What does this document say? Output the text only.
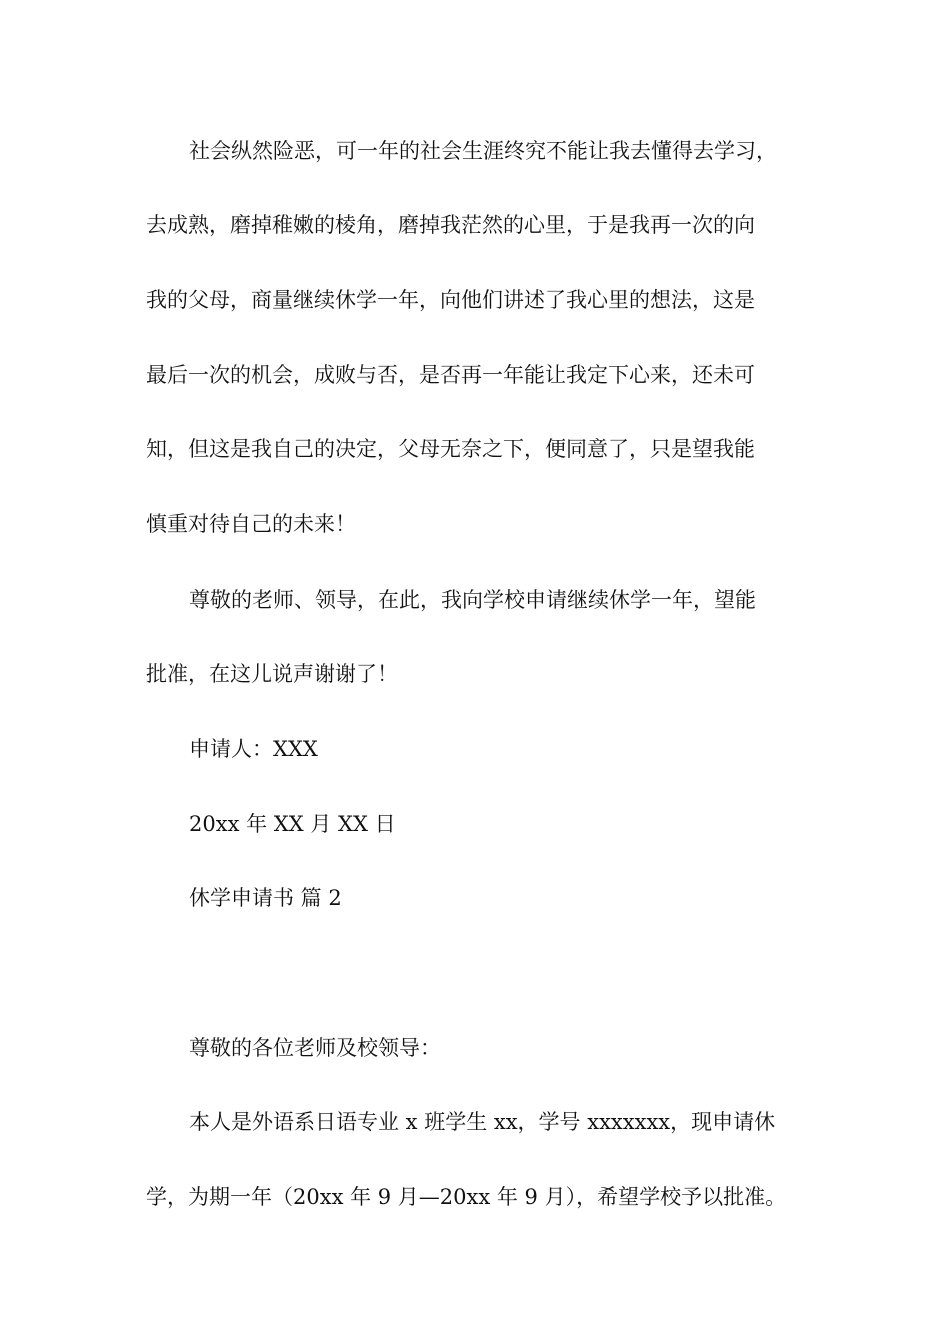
社会纵然险恶，可一年的社会生涯终究不能让我去懂得去学习，
去成熟，磨掉稚嫩的棱角，磨掉我茫然的心里，于是我再一次的向
我的父母，商量继续休学一年，向他们讲述了我心里的想法，这是
最后一次的机会，成败与否，是否再一年能让我定下心来，还未可
知，但这是我自己的决定，父母无奈之下，便同意了，只是望我能
慎重对待自己的未来！
尊敬的老师、领导，在此，我向学校申请继续休学一年，望能
批准，在这儿说声谢谢了！
申请人：XXX
20xx 年 XX 月 XX 日
休学申请书 篇 2
尊敬的各位老师及校领导：
本人是外语系日语专业 x 班学生 xx，学号 xxxxxxx，现申请休
学，为期一年（20xx 年 9 月—20xx 年 9 月），希望学校予以批准。
